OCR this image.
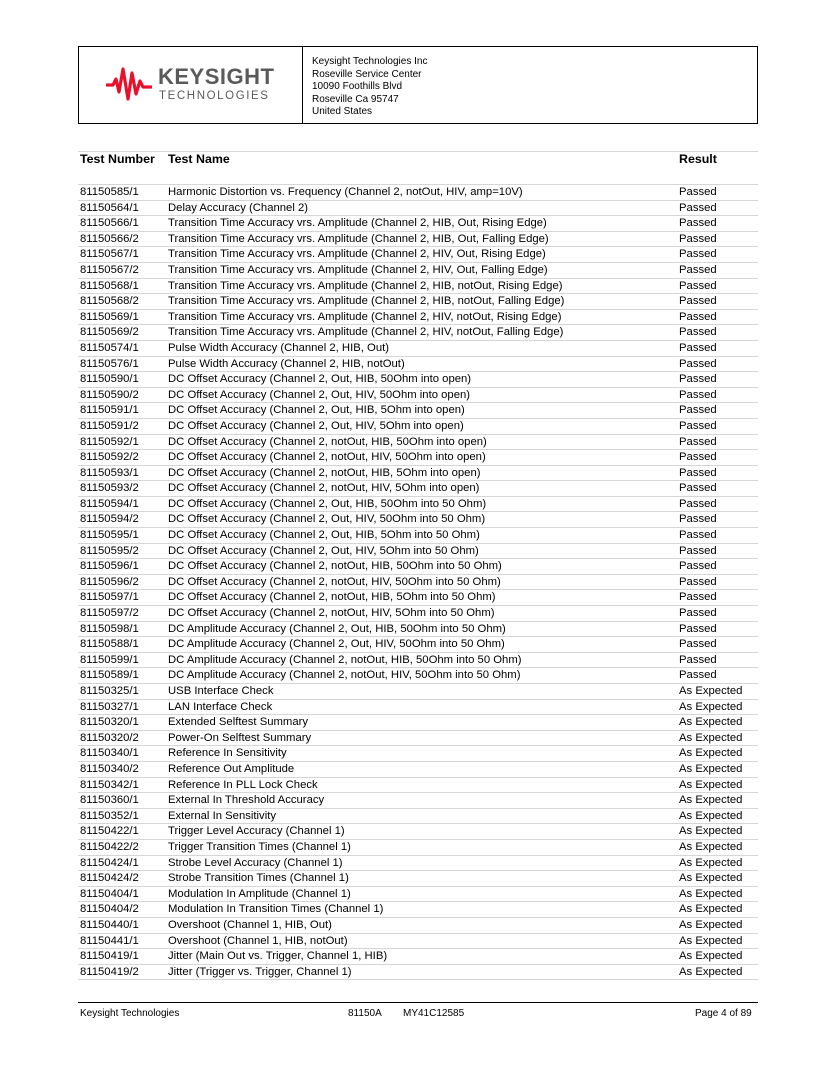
KEYSIGHT
TECHNOLOGIES
Keysight Technologies Inc
Roseville Service Center
10090 Foothills Blvd
Roseville Ca 95747
United States
Test Number	Test Name	Result
81150585/1	Harmonic Distortion vs. Frequency (Channel 2, notOut, HIV, amp=10V)	Passed
81150564/1	Delay Accuracy (Channel 2)	Passed
81150566/1	Transition Time Accuracy vrs. Amplitude (Channel 2, HIB, Out, Rising Edge)	Passed
81150566/2	Transition Time Accuracy vrs. Amplitude (Channel 2, HIB, Out, Falling Edge)	Passed
81150567/1	Transition Time Accuracy vrs. Amplitude (Channel 2, HIV, Out, Rising Edge)	Passed
81150567/2	Transition Time Accuracy vrs. Amplitude (Channel 2, HIV, Out, Falling Edge)	Passed
81150568/1	Transition Time Accuracy vrs. Amplitude (Channel 2, HIB, notOut, Rising Edge)	Passed
81150568/2	Transition Time Accuracy vrs. Amplitude (Channel 2, HIB, notOut, Falling Edge)	Passed
81150569/1	Transition Time Accuracy vrs. Amplitude (Channel 2, HIV, notOut, Rising Edge)	Passed
81150569/2	Transition Time Accuracy vrs. Amplitude (Channel 2, HIV, notOut, Falling Edge)	Passed
81150574/1	Pulse Width Accuracy (Channel 2, HIB, Out)	Passed
81150576/1	Pulse Width Accuracy (Channel 2, HIB, notOut)	Passed
81150590/1	DC Offset Accuracy (Channel 2, Out, HIB, 50Ohm into open)	Passed
81150590/2	DC Offset Accuracy (Channel 2, Out, HIV, 50Ohm into open)	Passed
81150591/1	DC Offset Accuracy (Channel 2, Out, HIB, 5Ohm into open)	Passed
81150591/2	DC Offset Accuracy (Channel 2, Out, HIV, 5Ohm into open)	Passed
81150592/1	DC Offset Accuracy (Channel 2, notOut, HIB, 50Ohm into open)	Passed
81150592/2	DC Offset Accuracy (Channel 2, notOut, HIV, 50Ohm into open)	Passed
81150593/1	DC Offset Accuracy (Channel 2, notOut, HIB, 5Ohm into open)	Passed
81150593/2	DC Offset Accuracy (Channel 2, notOut, HIV, 5Ohm into open)	Passed
81150594/1	DC Offset Accuracy (Channel 2, Out, HIB, 50Ohm into 50 Ohm)	Passed
81150594/2	DC Offset Accuracy (Channel 2, Out, HIV, 50Ohm into 50 Ohm)	Passed
81150595/1	DC Offset Accuracy (Channel 2, Out, HIB, 5Ohm into 50 Ohm)	Passed
81150595/2	DC Offset Accuracy (Channel 2, Out, HIV, 5Ohm into 50 Ohm)	Passed
81150596/1	DC Offset Accuracy (Channel 2, notOut, HIB, 50Ohm into 50 Ohm)	Passed
81150596/2	DC Offset Accuracy (Channel 2, notOut, HIV, 50Ohm into 50 Ohm)	Passed
81150597/1	DC Offset Accuracy (Channel 2, notOut, HIB, 5Ohm into 50 Ohm)	Passed
81150597/2	DC Offset Accuracy (Channel 2, notOut, HIV, 5Ohm into 50 Ohm)	Passed
81150598/1	DC Amplitude Accuracy (Channel 2, Out, HIB, 50Ohm into 50 Ohm)	Passed
81150588/1	DC Amplitude Accuracy (Channel 2, Out, HIV, 50Ohm into 50 Ohm)	Passed
81150599/1	DC Amplitude Accuracy (Channel 2, notOut, HIB, 50Ohm into 50 Ohm)	Passed
81150589/1	DC Amplitude Accuracy (Channel 2, notOut, HIV, 50Ohm into 50 Ohm)	Passed
81150325/1	USB Interface Check	As Expected
81150327/1	LAN Interface Check	As Expected
81150320/1	Extended Selftest Summary	As Expected
81150320/2	Power-On Selftest Summary	As Expected
81150340/1	Reference In Sensitivity	As Expected
81150340/2	Reference Out Amplitude	As Expected
81150342/1	Reference In PLL Lock Check	As Expected
81150360/1	External In Threshold Accuracy	As Expected
81150352/1	External In Sensitivity	As Expected
81150422/1	Trigger Level Accuracy (Channel 1)	As Expected
81150422/2	Trigger Transition Times (Channel 1)	As Expected
81150424/1	Strobe Level Accuracy (Channel 1)	As Expected
81150424/2	Strobe Transition Times (Channel 1)	As Expected
81150404/1	Modulation In Amplitude (Channel 1)	As Expected
81150404/2	Modulation In Transition Times (Channel 1)	As Expected
81150440/1	Overshoot (Channel 1, HIB, Out)	As Expected
81150441/1	Overshoot (Channel 1, HIB, notOut)	As Expected
81150419/1	Jitter (Main Out vs. Trigger, Channel 1, HIB)	As Expected
81150419/2	Jitter (Trigger vs. Trigger, Channel 1)	As Expected
Keysight Technologies	81150A MY41C12585	Page 4 of 89
